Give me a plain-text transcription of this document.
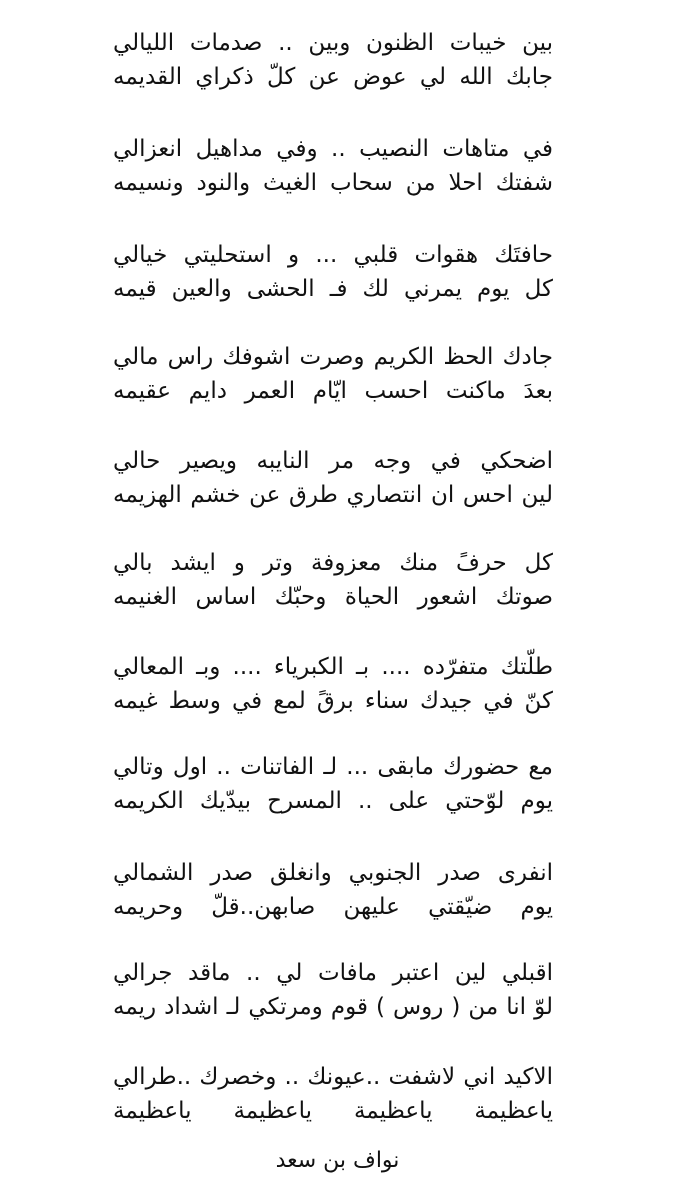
بين خيبات الظنون وبين .. صدمات الليالي
جابك الله لي عوض عن كلّ ذكراي القديمه
في متاهات النصيب .. وفي مداهيل انعزالي
شفتك احلا من سحاب الغيث والنود ونسيمه
حافتَك هقوات قلبي ... و استحليتي خيالي
كل يوم يمرني لك فـ الحشى والعين قيمه
جادك الحظ الكريم وصرت اشوفك راس مالي
بعدَ ماكنت احسب ايّام العمر دايم عقيمه
اضحكي في وجه مر النايبه ويصير حالي
لين احس ان انتصاري طرق عن خشم الهزيمه
كل حرفً منك معزوفة وتر و ايشد بالي
صوتك اشعور الحياة وحبّك اساس الغنيمه
طلّتك متفرّده .... بـ الكبرياء .... وبـ المعالي
كنّ في جيدك سناء برقً لمع في وسط غيمه
مع حضورك مابقى ... لـ الفاتنات .. اول وتالي
يوم لوّحتي على .. المسرح بيدّيك الكريمه
انفرى صدر الجنوبي وانغلق صدر الشمالي
يوم ضيّقتي عليهن صابهن..قلّ وحريمه
اقبلي لين اعتبر مافات لي .. ماقد جرالي
لوّ انا من ( روس ) قوم ومرتكي لـ اشداد ريمه
الاكيد اني لاشفت ..عيونك .. وخصرك ..طرالي
ياعظيمة ياعظيمة ياعظيمة ياعظيمة
نواف بن سعد
